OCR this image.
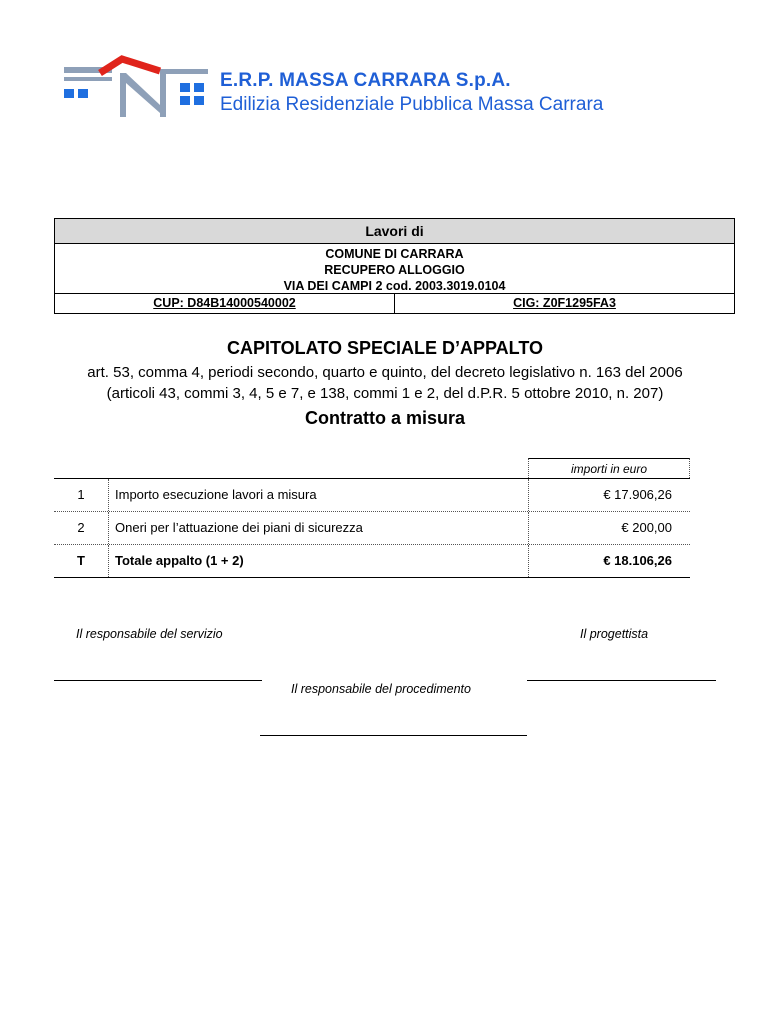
E.R.P. MASSA CARRARA S.p.A.
Edilizia Residenziale Pubblica Massa Carrara
Lavori di
COMUNE DI CARRARA
RECUPERO ALLOGGIO
VIA DEI CAMPI 2 cod. 2003.3019.0104
CUP: D84B14000540002	CIG: Z0F1295FA3
CAPITOLATO SPECIALE D’APPALTO
art. 53, comma 4, periodi secondo, quarto e quinto, del decreto legislativo n. 163 del 2006
(articoli 43, commi 3, 4, 5 e 7, e 138, commi 1 e 2, del d.P.R. 5 ottobre 2010, n. 207)
Contratto a misura
importi in euro
1	Importo esecuzione lavori a misura	€ 17.906,26
2	Oneri per l’attuazione dei piani di sicurezza	€ 200,00
T	Totale appalto (1 + 2)	€ 18.106,26
Il responsabile del servizio	Il progettista
Il responsabile del procedimento
